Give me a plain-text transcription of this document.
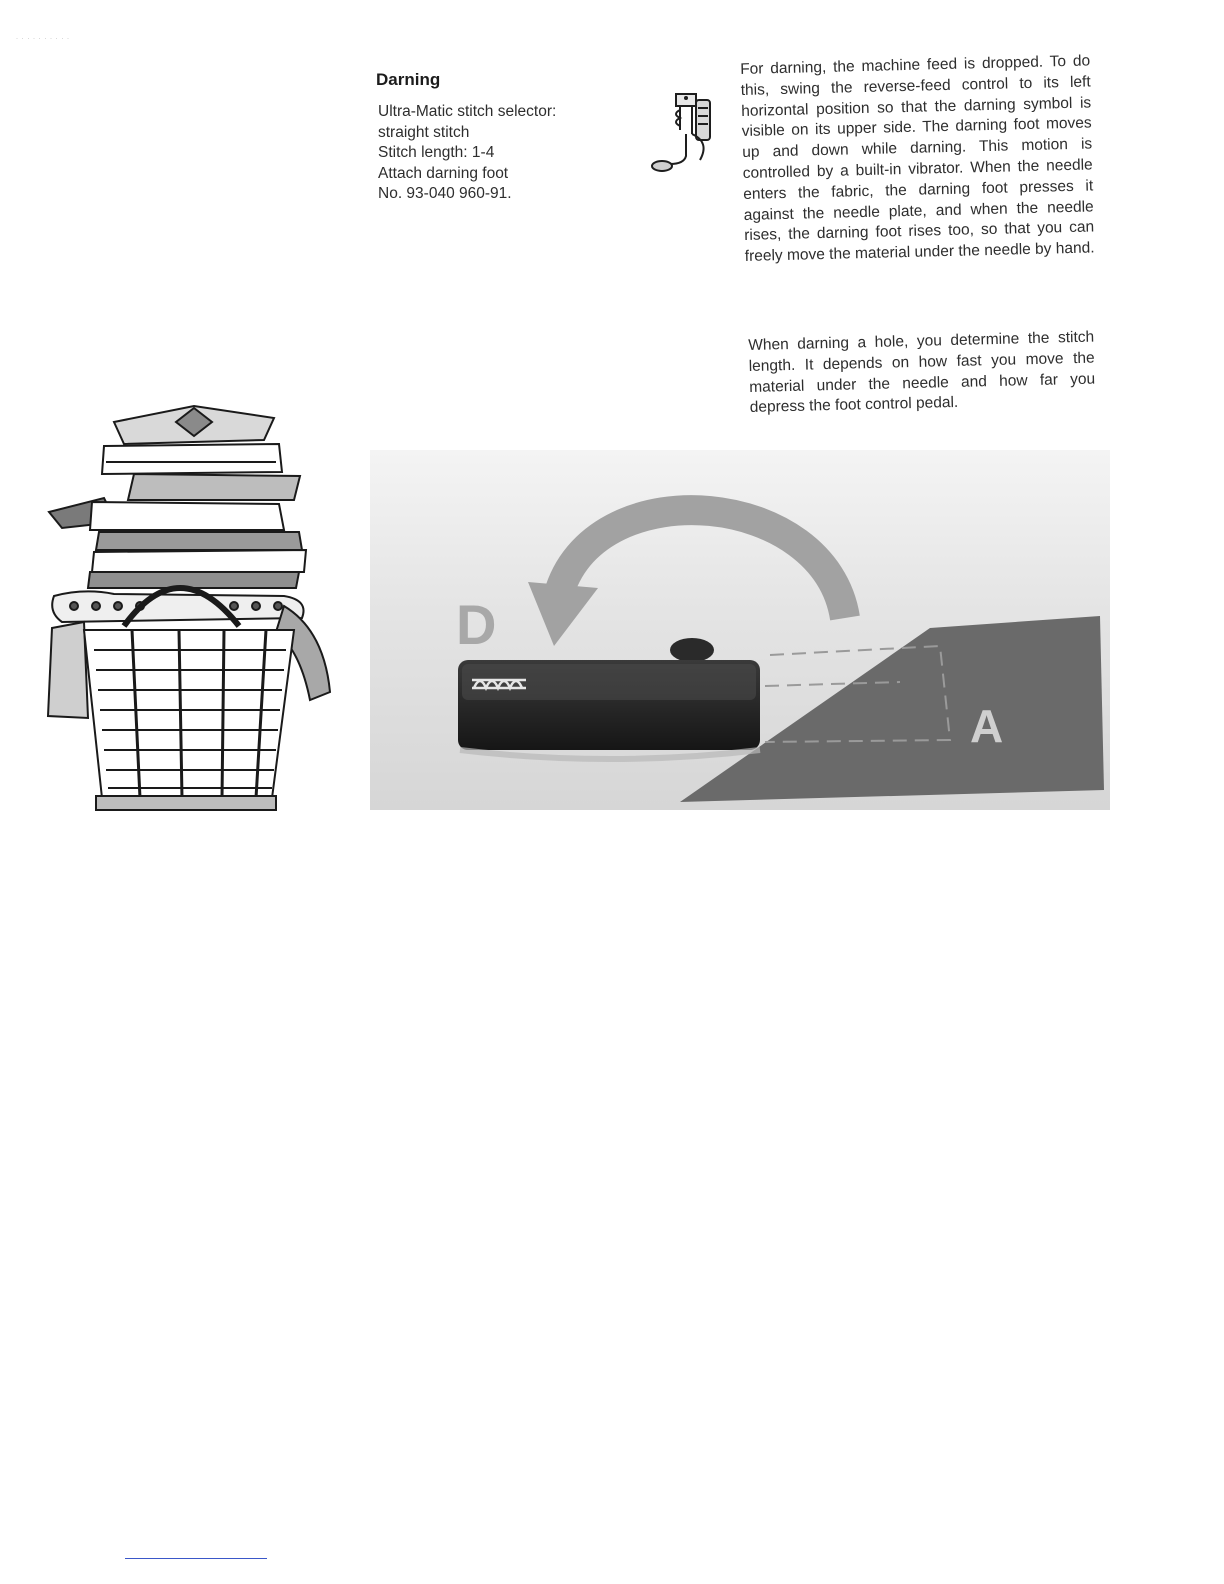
· · · · · · · · · ·
Darning
Ultra-Matic stitch selector:
straight stitch
Stitch length: 1-4
Attach darning foot
No. 93-040 960-91.

For darning, the machine feed is dropped. To do this, swing the reverse-feed control to its left horizontal position so that the darning symbol is visible on its upper side. The darning foot moves up and down while darning. This motion is controlled by a built-in vibrator. When the needle enters the fabric, the darning foot presses it against the needle plate, and when the needle rises, the darning foot rises too, so that you can freely move the material under the needle by hand.

When darning a hole, you determine the stitch length. It depends on how fast you move the material under the needle and how far you depress the foot control pedal.

D
A
